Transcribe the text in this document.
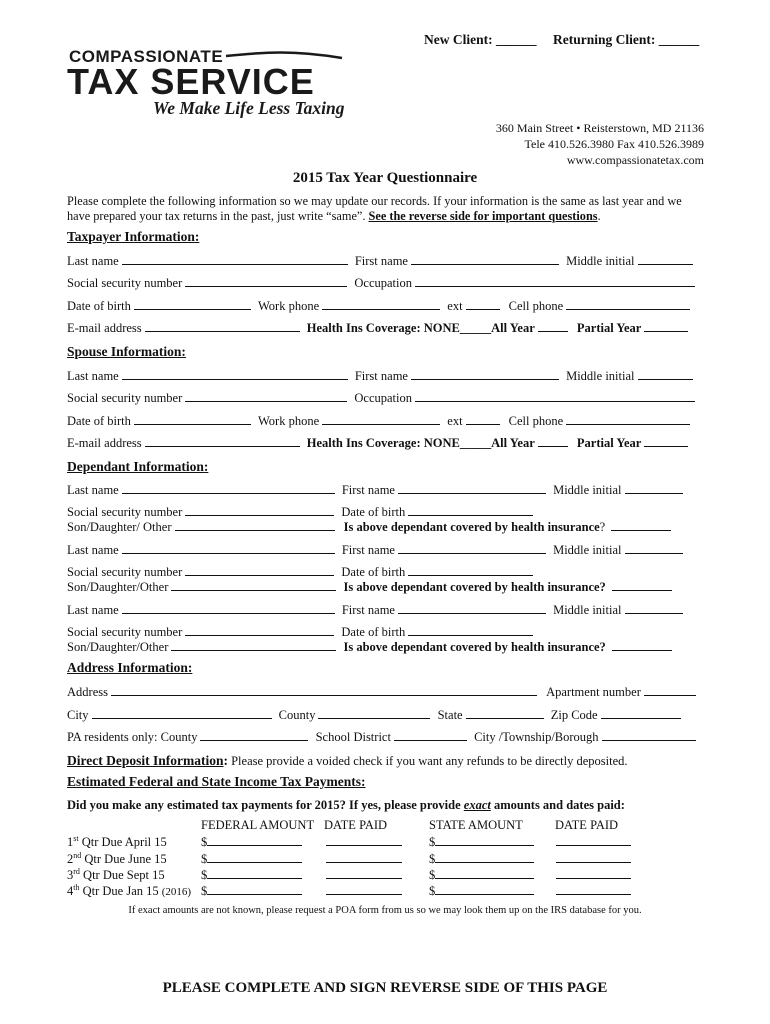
New Client: ______ Returning Client: ______
COMPASSIONATE
TAX SERVICE
We Make Life Less Taxing
360 Main Street • Reisterstown, MD 21136
Tele 410.526.3980 Fax 410.526.3989
www.compassionatetax.com
2015 Tax Year Questionnaire
Please complete the following information so we may update our records. If your information is the same as last year and we
have prepared your tax returns in the past, just write “same”. See the reverse side for important questions.
Taxpayer Information:
Last name	First name	Middle initial
Social security number	Occupation
Date of birth	Work phone	ext	Cell phone
E-mail address	Health Ins Coverage: NONE_____All Year	Partial Year
Spouse Information:
Last name	First name	Middle initial
Social security number	Occupation
Date of birth	Work phone	ext	Cell phone
E-mail address	Health Ins Coverage: NONE_____All Year	Partial Year
Dependant Information:
Last name	First name	Middle initial
Social security number	Date of birth
Son/Daughter/ Other	Is above dependant covered by health insurance?
Last name	First name	Middle initial
Social security number	Date of birth
Son/Daughter/Other	Is above dependant covered by health insurance?
Last name	First name	Middle initial
Social security number	Date of birth
Son/Daughter/Other	Is above dependant covered by health insurance?
Address Information:
Address	Apartment number
City	County	State	Zip Code
PA residents only: County	School District	City /Township/Borough
Direct Deposit Information: Please provide a voided check if you want any refunds to be directly deposited.
Estimated Federal and State Income Tax Payments:
Did you make any estimated tax payments for 2015? If yes, please provide exact amounts and dates paid:
FEDERAL AMOUNT DATE PAID	STATE AMOUNT	DATE PAID
1st Qtr Due April 15	$	$
2nd Qtr Due June 15	$	$
3rd Qtr Due Sept 15	$	$
4th Qtr Due Jan 15 (2016) $	$
If exact amounts are not known, please request a POA form from us so we may look them up on the IRS database for you.
PLEASE COMPLETE AND SIGN REVERSE SIDE OF THIS PAGE
